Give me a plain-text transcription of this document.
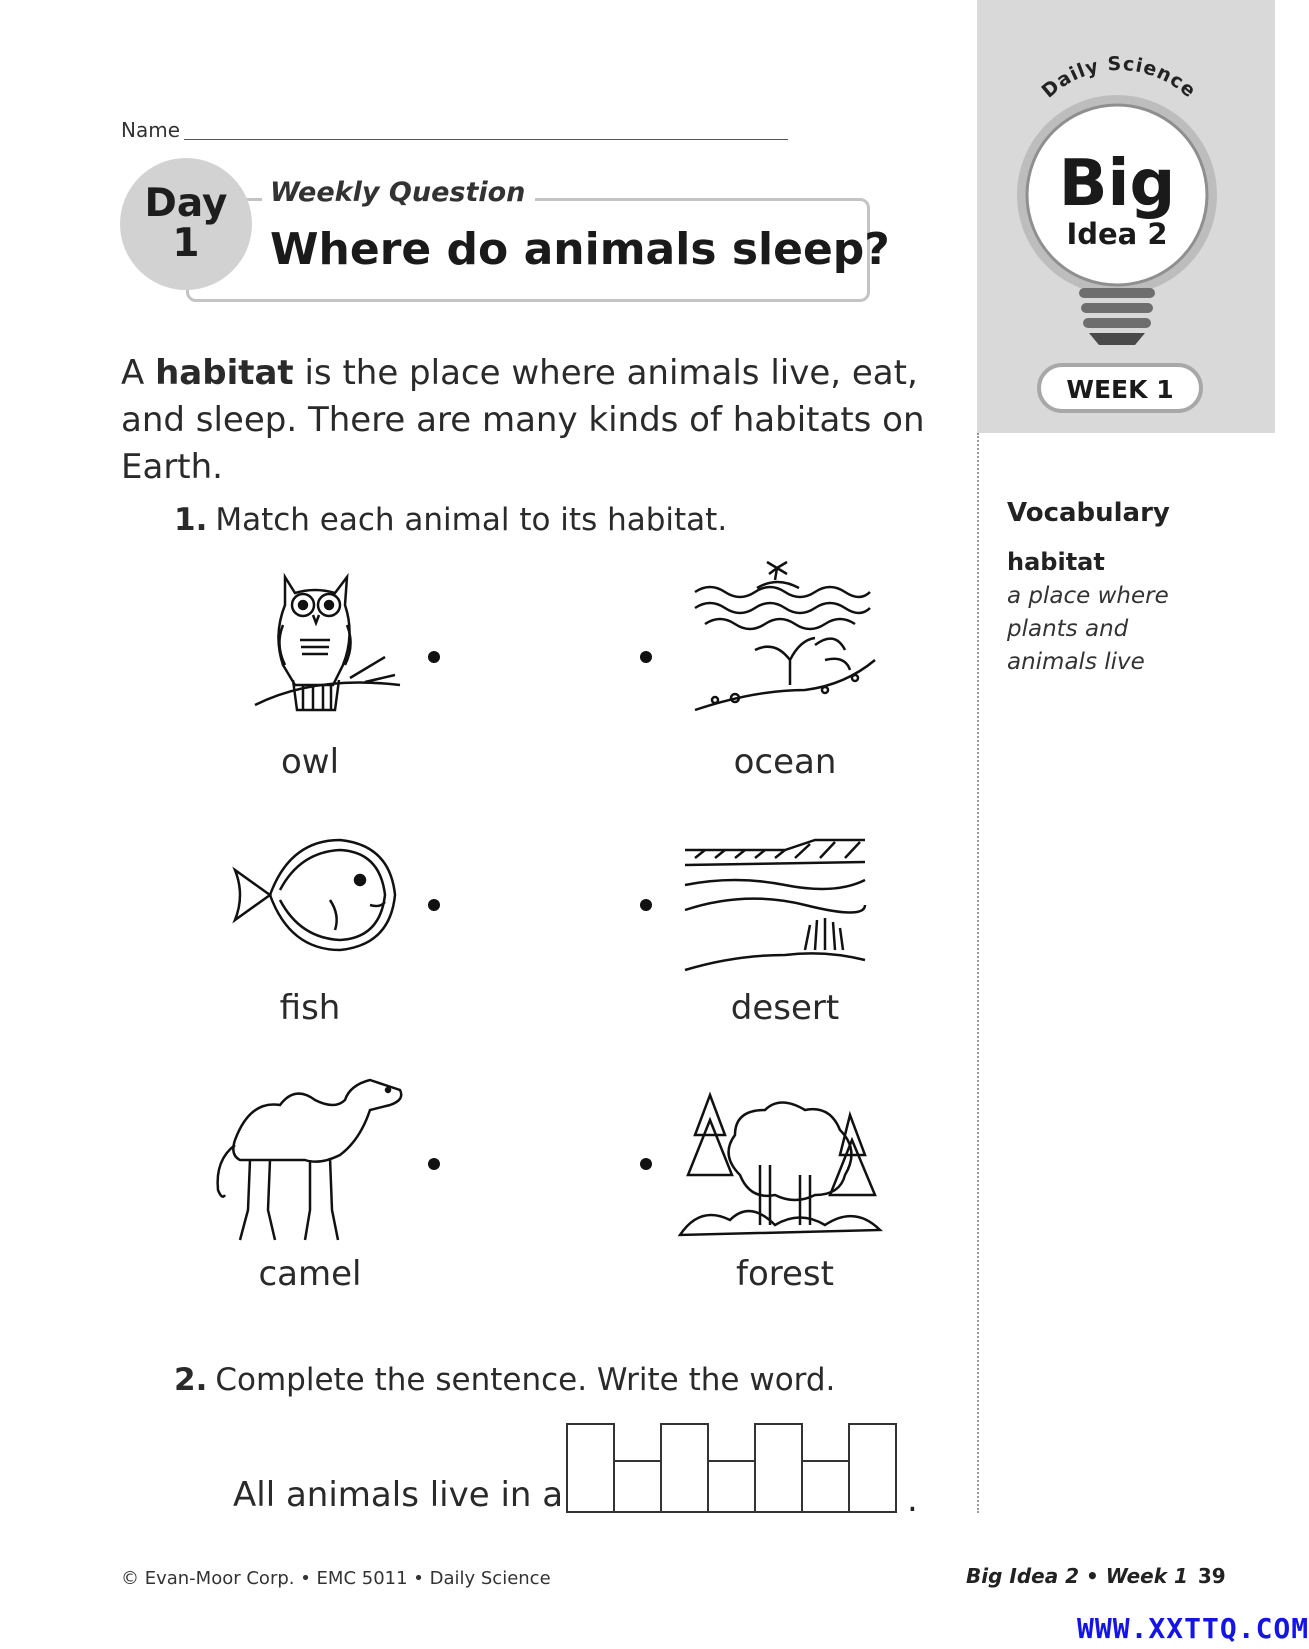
Daily Science
Big
Idea 2
WEEK 1
Name
Day
1
Weekly Question
Where do animals sleep?
A habitat is the place where animals live, eat, and sleep. There are many kinds of habitats on Earth.
1. Match each animal to its habitat.
owl	ocean
fish	desert
camel	forest
2. Complete the sentence. Write the word.
All animals live in a	.
Vocabulary
habitat
a place where plants and animals live
© Evan-Moor Corp. • EMC 5011 • Daily Science	Big Idea 2 • Week 1 39
WWW.XXTTQ.COM
